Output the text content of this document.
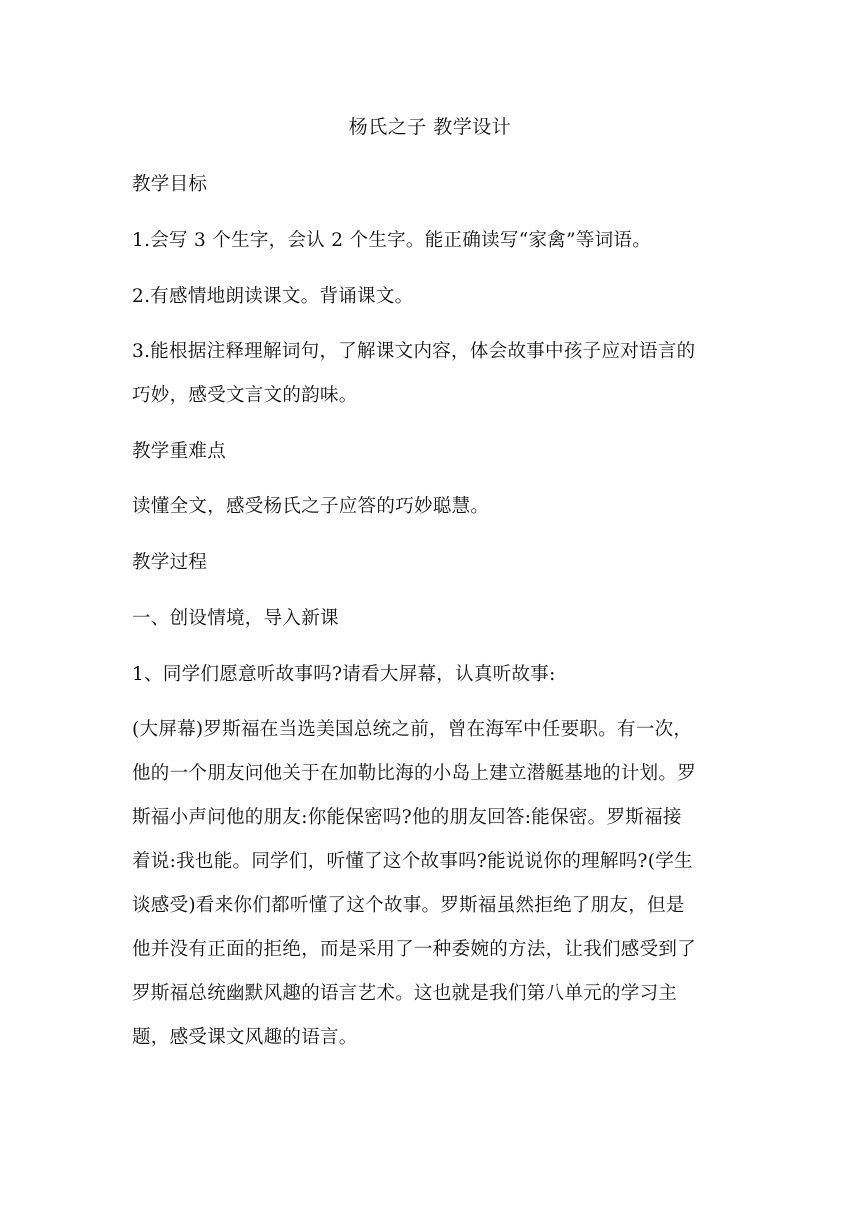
杨氏之子 教学设计

教学目标

1.会写 3 个生字，会认 2 个生字。能正确读写“家禽”等词语。

2.有感情地朗读课文。背诵课文。

3.能根据注释理解词句，了解课文内容，体会故事中孩子应对语言的

巧妙，感受文言文的韵味。

教学重难点

读懂全文，感受杨氏之子应答的巧妙聪慧。

教学过程

一、创设情境，导入新课

1、同学们愿意听故事吗?请看大屏幕，认真听故事:

(大屏幕)罗斯福在当选美国总统之前，曾在海军中任要职。有一次，

他的一个朋友问他关于在加勒比海的小岛上建立潜艇基地的计划。罗

斯福小声问他的朋友:你能保密吗?他的朋友回答:能保密。罗斯福接

着说:我也能。同学们，听懂了这个故事吗?能说说你的理解吗?(学生

谈感受)看来你们都听懂了这个故事。罗斯福虽然拒绝了朋友，但是

他并没有正面的拒绝，而是采用了一种委婉的方法，让我们感受到了

罗斯福总统幽默风趣的语言艺术。这也就是我们第八单元的学习主

题，感受课文风趣的语言。
